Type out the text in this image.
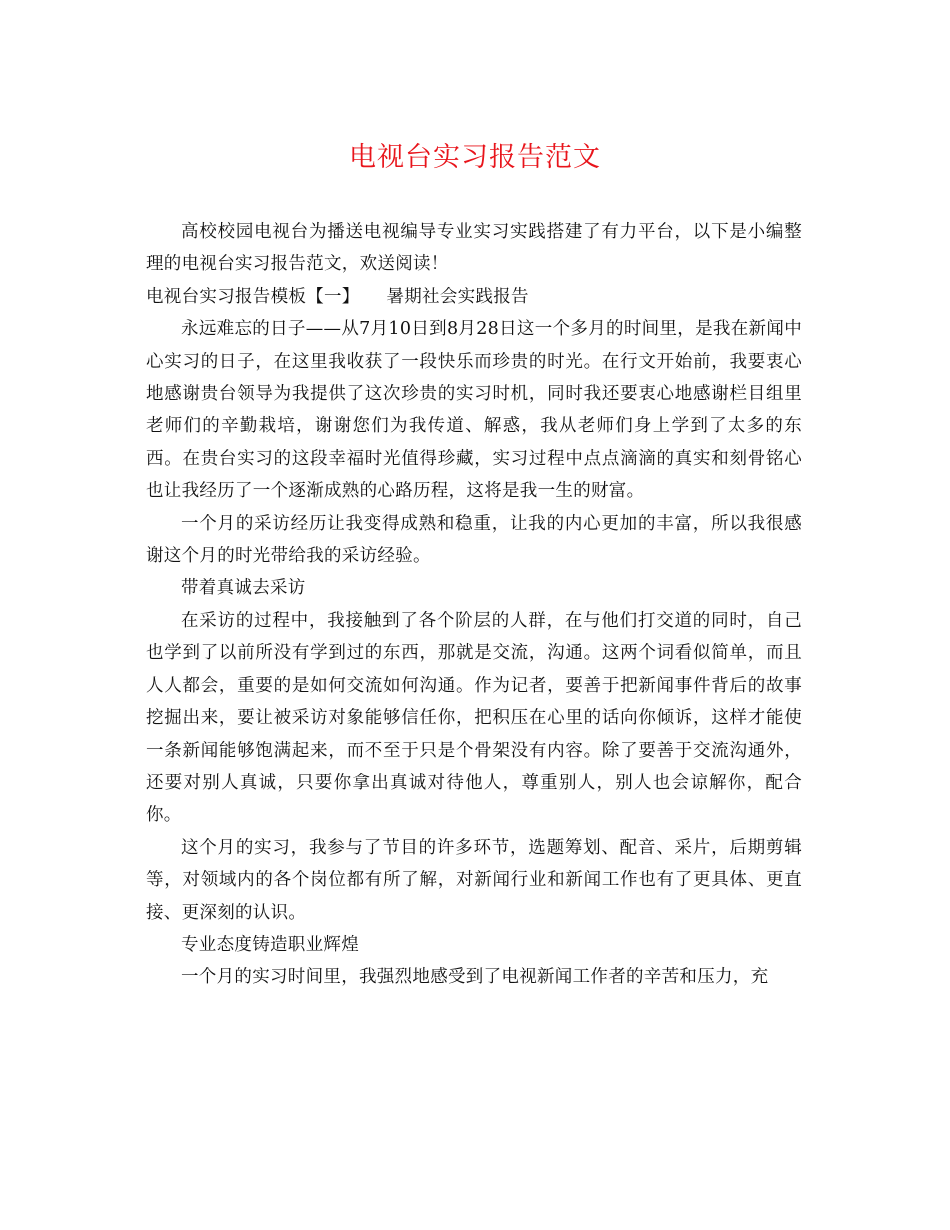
电视台实习报告范文

高校校园电视台为播送电视编导专业实习实践搭建了有力平台，以下是小编整理的电视台实习报告范文，欢送阅读！

电视台实习报告模板【一】　　暑期社会实践报告

永远难忘的日子——从7月10日到8月28日这一个多月的时间里，是我在新闻中心实习的日子，在这里我收获了一段快乐而珍贵的时光。在行文开始前，我要衷心地感谢贵台领导为我提供了这次珍贵的实习时机，同时我还要衷心地感谢栏目组里老师们的辛勤栽培，谢谢您们为我传道、解惑，我从老师们身上学到了太多的东西。在贵台实习的这段幸福时光值得珍藏，实习过程中点点滴滴的真实和刻骨铭心也让我经历了一个逐渐成熟的心路历程，这将是我一生的财富。

一个月的采访经历让我变得成熟和稳重，让我的内心更加的丰富，所以我很感谢这个月的时光带给我的采访经验。

带着真诚去采访

在采访的过程中，我接触到了各个阶层的人群，在与他们打交道的同时，自己也学到了以前所没有学到过的东西，那就是交流，沟通。这两个词看似简单，而且人人都会，重要的是如何交流如何沟通。作为记者，要善于把新闻事件背后的故事挖掘出来，要让被采访对象能够信任你，把积压在心里的话向你倾诉，这样才能使一条新闻能够饱满起来，而不至于只是个骨架没有内容。除了要善于交流沟通外，还要对别人真诚，只要你拿出真诚对待他人，尊重别人，别人也会谅解你，配合你。

这个月的实习，我参与了节目的许多环节，选题筹划、配音、采片，后期剪辑等，对领域内的各个岗位都有所了解，对新闻行业和新闻工作也有了更具体、更直接、更深刻的认识。

专业态度铸造职业辉煌

一个月的实习时间里，我强烈地感受到了电视新闻工作者的辛苦和压力，充
